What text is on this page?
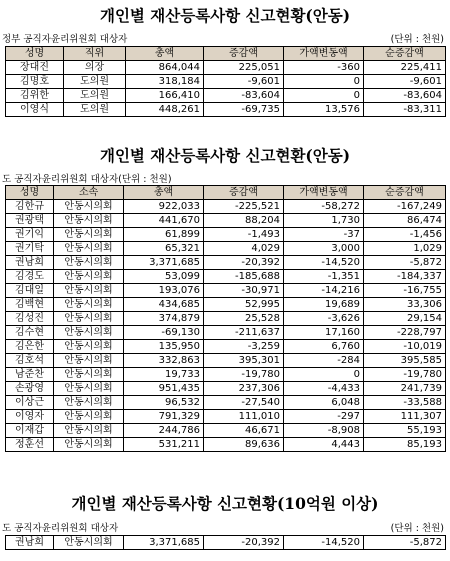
개인별 재산등록사항 신고현황(안동)
정부 공직자윤리위원회 대상자	(단위 : 천원)
성명	직위	총액	증감액	가액변동액	순증감액
장대진	의장	864,044	225,051	-360	225,411
김명호	도의원	318,184	-9,601	0	-9,601
김위한	도의원	166,410	-83,604	0	-83,604
이영식	도의원	448,261	-69,735	13,576	-83,311
개인별 재산등록사항 신고현환(안동)
도 공직자윤리위원회 대상자(단위 : 천원)
성명	소속	총액	증감액	가액변동액	순증감액
김한규	안동시의회	922,033	-225,521	-58,272	-167,249
권광택	안동시의회	441,670	88,204	1,730	86,474
권기익	안동시의회	61,899	-1,493	-37	-1,456
권기탁	안동시의회	65,321	4,029	3,000	1,029
권남희	안동시의회	3,371,685	-20,392	-14,520	-5,872
김경도	안동시의회	53,099	-185,688	-1,351	-184,337
김대일	안동시의회	193,076	-30,971	-14,216	-16,755
김백현	안동시의회	434,685	52,995	19,689	33,306
김성진	안동시의회	374,879	25,528	-3,626	29,154
김수현	안동시의회	-69,130	-211,637	17,160	-228,797
김은한	안동시의회	135,950	-3,259	6,760	-10,019
김호석	안동시의회	332,863	395,301	-284	395,585
남준찬	안동시의회	19,733	-19,780	0	-19,780
손광영	안동시의회	951,435	237,306	-4,433	241,739
이상근	안동시의회	96,532	-27,540	6,048	-33,588
이영자	안동시의회	791,329	111,010	-297	111,307
이재갑	안동시의회	244,786	46,671	-8,908	55,193
정훈선	안동시의회	531,211	89,636	4,443	85,193
개인별 재산등록사항 신고현황(10억원 이상)
도 공직자윤리위원회 대상자	(단위 : 천원)
권남희	안동시의회	3,371,685	-20,392	-14,520	-5,872
